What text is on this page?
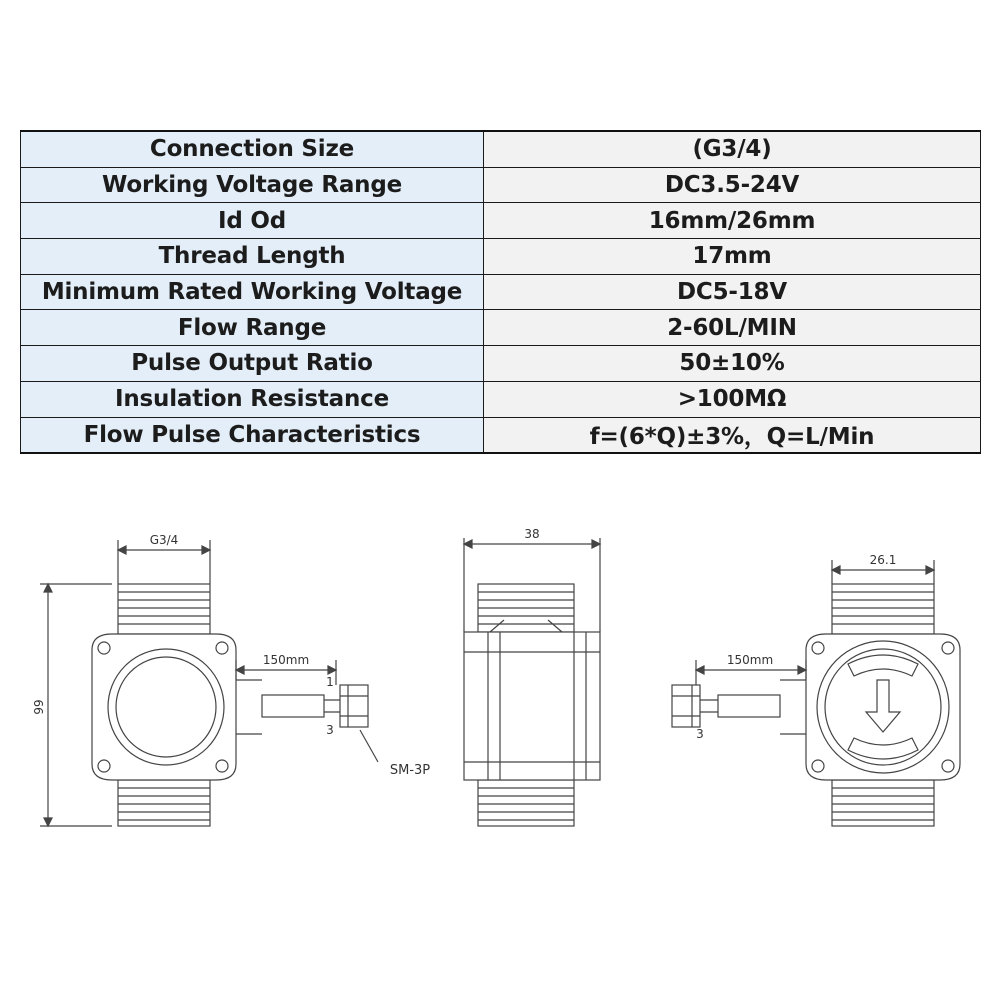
Connection Size	(G3/4)
Working Voltage Range	DC3.5-24V
Id Od	16mm/26mm
Thread Length	17mm
Minimum Rated Working Voltage	DC5-18V
Flow Range	2-60L/MIN
Pulse Output Ratio	50±10%
Insulation Resistance	>100MΩ
Flow Pulse Characteristics	f=(6*Q)±3%，Q=L/Min
G3/4
66
150mm
1
3
SM-3P
38
26.1
150mm
3
